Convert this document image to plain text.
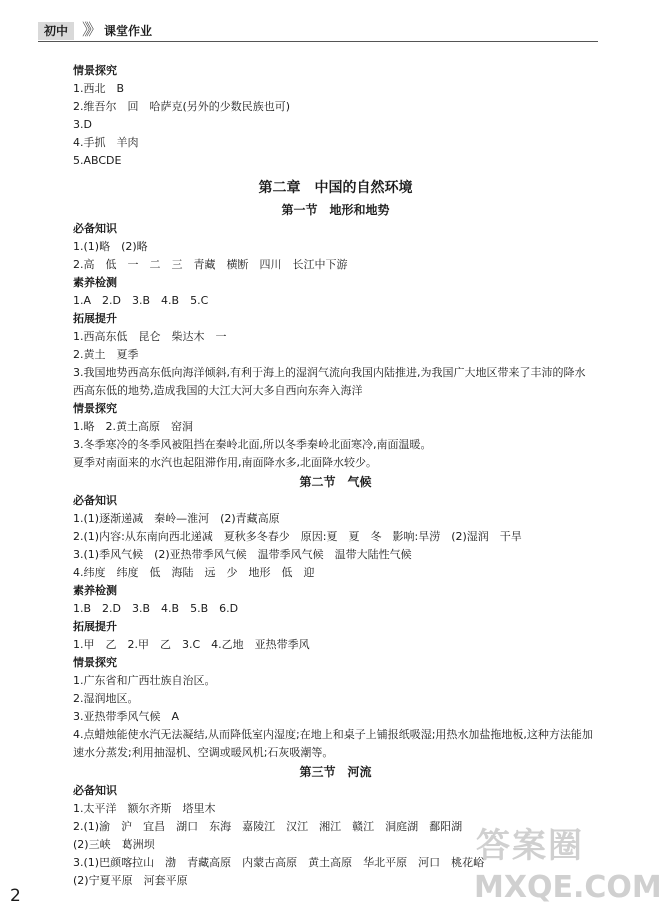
初中 》》 课堂作业
情景探究
1.西北　B
2.维吾尔　回　哈萨克(另外的少数民族也可)
3.D
4.手抓　羊肉
5.ABCDE
第二章　中国的自然环境
第一节　地形和地势
必备知识
1.(1)略　(2)略
2.高　低　一　二　三　青藏　横断　四川　长江中下游
素养检测
1.A　2.D　3.B　4.B　5.C
拓展提升
1.西高东低　昆仑　柴达木　一
2.黄土　夏季
3.我国地势西高东低向海洋倾斜,有利于海上的湿润气流向我国内陆推进,为我国广大地区带来了丰沛的降水　西高东低的地势,造成我国的大江大河大多自西向东奔入海洋
情景探究
1.略　2.黄土高原　窑洞
3.冬季寒冷的冬季风被阻挡在秦岭北面,所以冬季秦岭北面寒冷,南面温暖。
夏季对南面来的水汽也起阻滞作用,南面降水多,北面降水较少。
第二节　气候
必备知识
1.(1)逐渐递减　秦岭—淮河　(2)青藏高原
2.(1)内容:从东南向西北递减　夏秋多冬春少　原因:夏　夏　冬　影响:旱涝　(2)湿润　干旱
3.(1)季风气候　(2)亚热带季风气候　温带季风气候　温带大陆性气候
4.纬度　纬度　低　海陆　远　少　地形　低　迎
素养检测
1.B　2.D　3.B　4.B　5.B　6.D
拓展提升
1.甲　乙　2.甲　乙　3.C　4.乙地　亚热带季风
情景探究
1.广东省和广西壮族自治区。
2.湿润地区。
3.亚热带季风气候　A
4.点蜡烛能使水汽无法凝结,从而降低室内湿度;在地上和桌子上铺报纸吸湿;用热水加盐拖地板,这种方法能加速水分蒸发;利用抽湿机、空调或暖风机;石灰吸潮等。
第三节　河流
必备知识
1.太平洋　额尔齐斯　塔里木
2.(1)渝　沪　宜昌　湖口　东海　嘉陵江　汉江　湘江　赣江　洞庭湖　鄱阳湖
(2)三峡　葛洲坝
3.(1)巴颜喀拉山　渤　青藏高原　内蒙古高原　黄土高原　华北平原　河口　桃花峪
(2)宁夏平原　河套平原
2
答案圈
MXQE.COM
